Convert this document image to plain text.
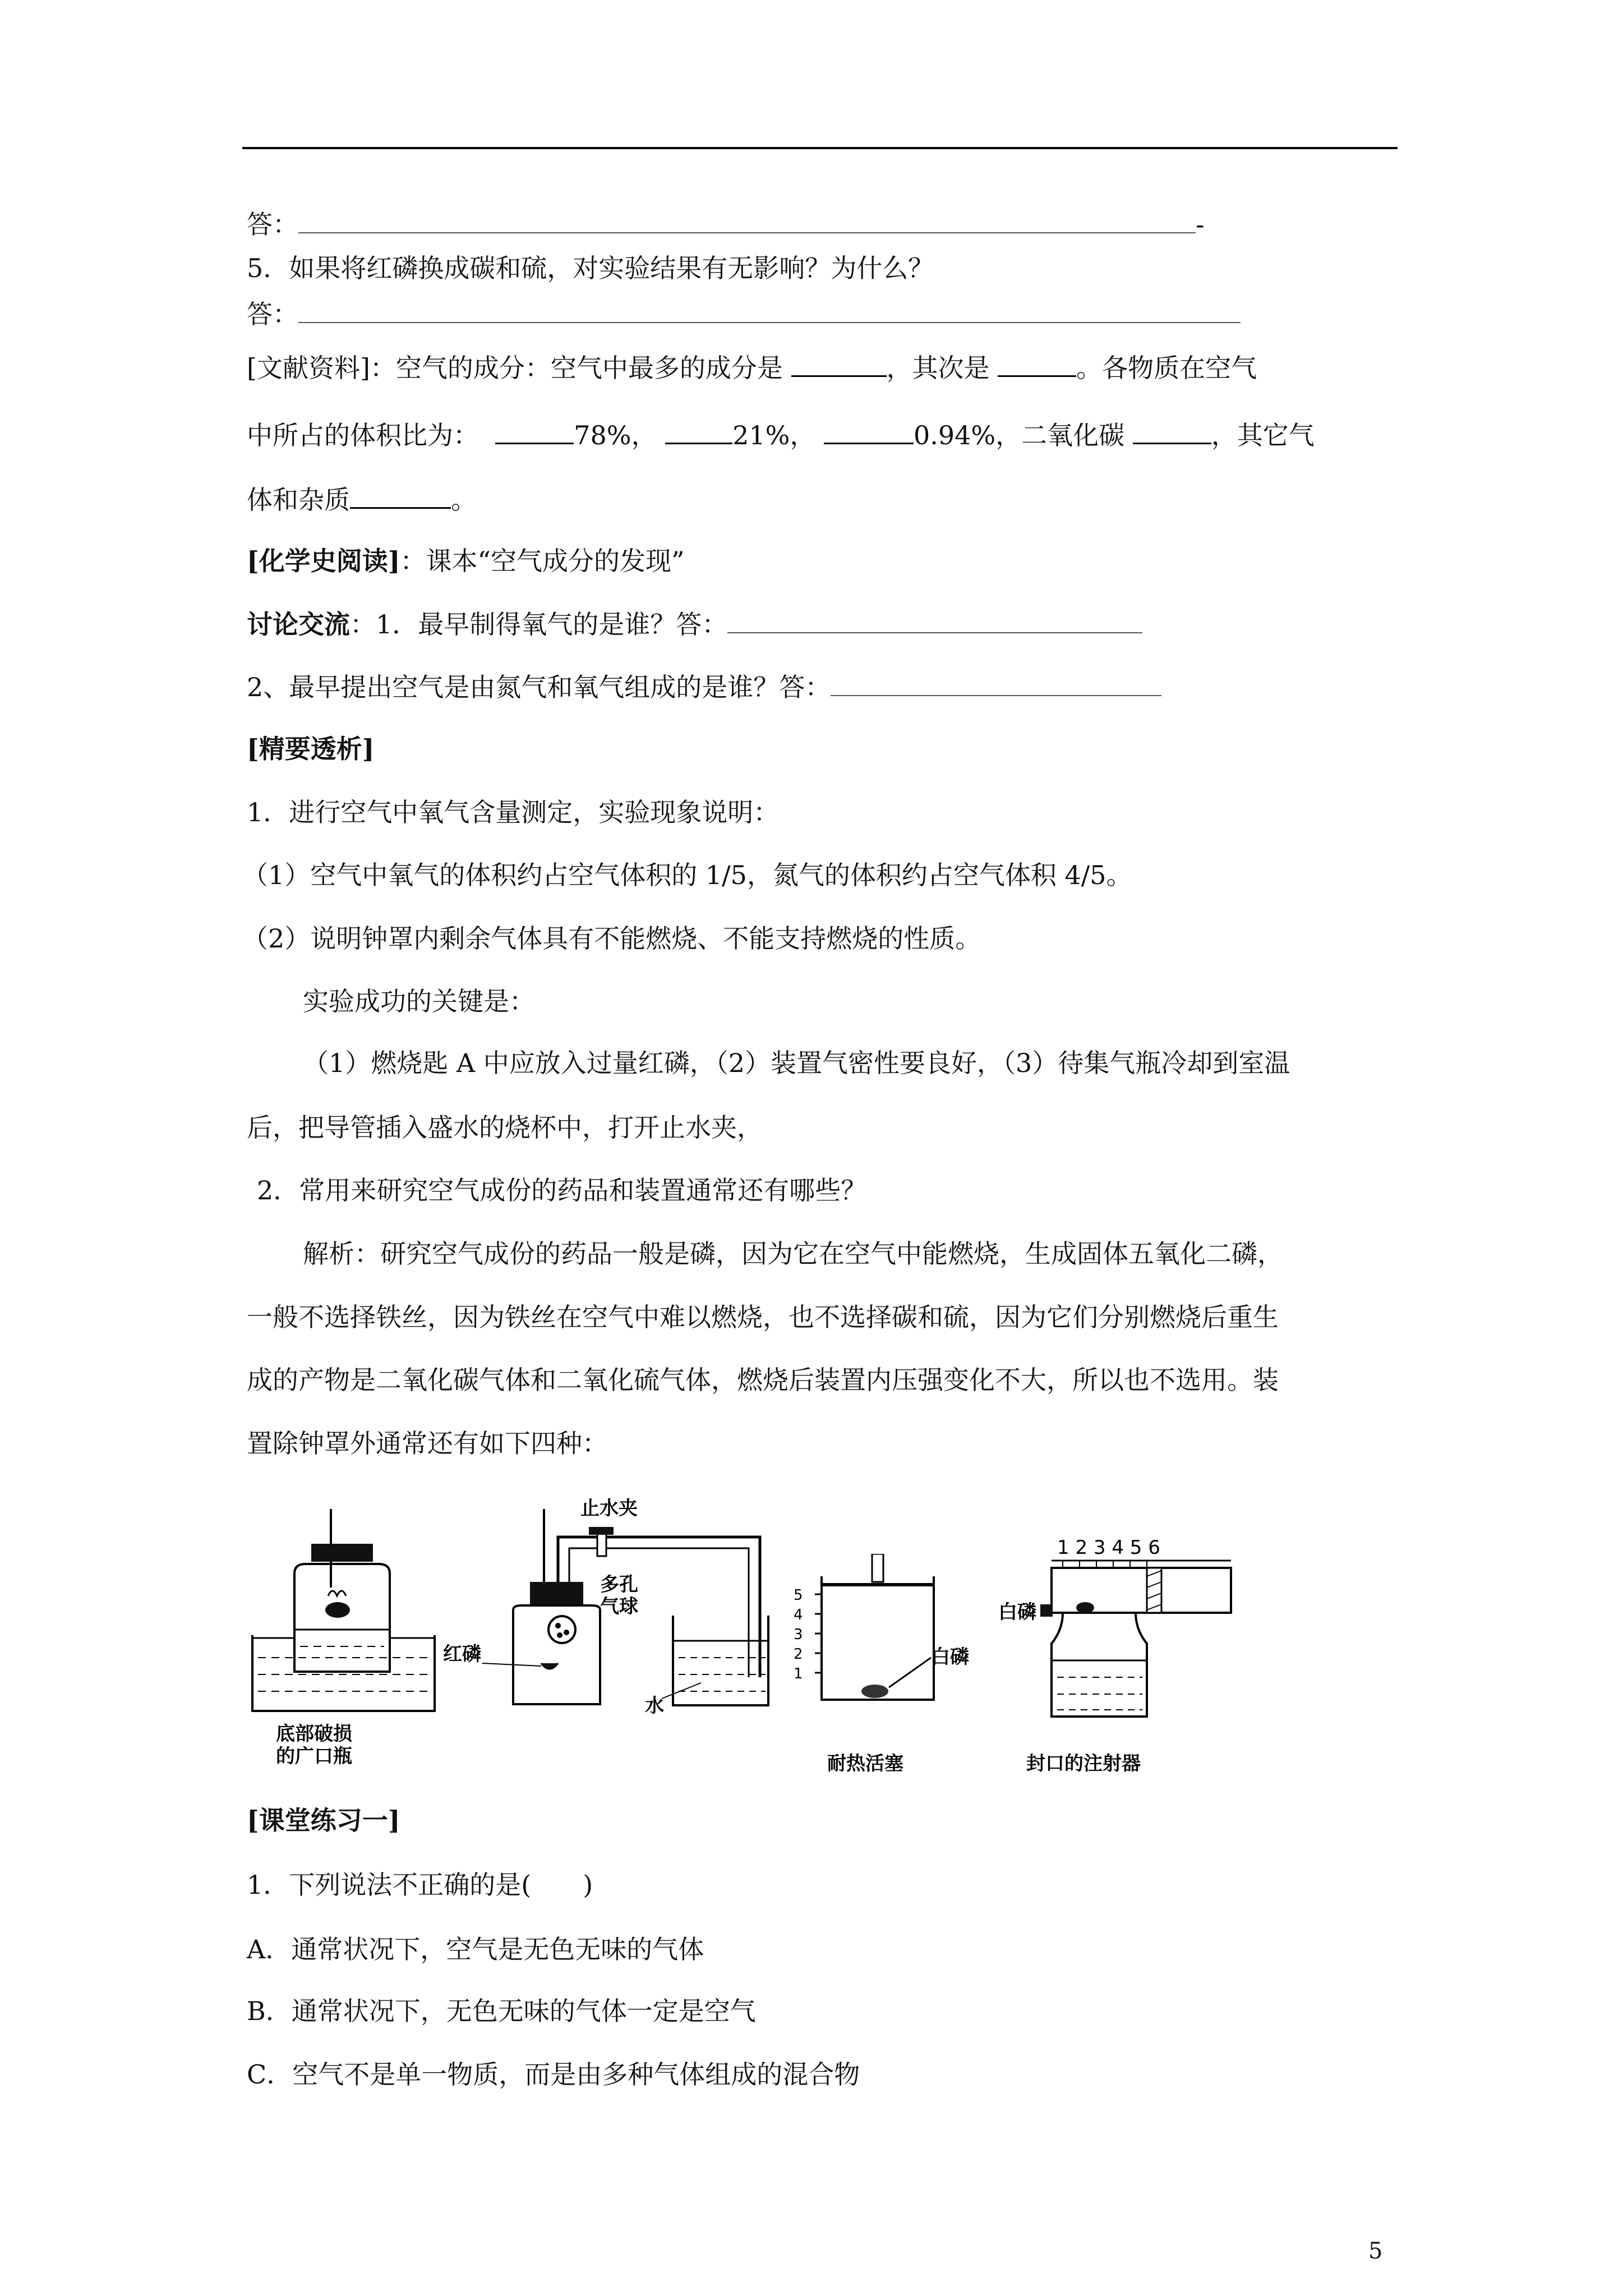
答：	-
5．如果将红磷换成碳和硫，对实验结果有无影响？为什么？
答：
[文献资料]：空气的成分：空气中最多的成分是	，其次是	。各物质在空气
中所占的体积比为：	78%，	21%，	0.94%，二氧化碳	，其它气
体和杂质	。
[化学史阅读]：课本“空气成分的发现”
讨论交流：1．最早制得氧气的是谁？答：
2、最早提出空气是由氮气和氧气组成的是谁？答：
[精要透析]
1．进行空气中氧气含量测定，实验现象说明：
（1）空气中氧气的体积约占空气体积的 1/5，氮气的体积约占空气体积 4/5。
（2）说明钟罩内剩余气体具有不能燃烧、不能支持燃烧的性质。
实验成功的关键是：
（1）燃烧匙 A 中应放入过量红磷，（2）装置气密性要良好，（3）待集气瓶冷却到室温
后，把导管插入盛水的烧杯中，打开止水夹，
2．常用来研究空气成份的药品和装置通常还有哪些？
解析：研究空气成份的药品一般是磷，因为它在空气中能燃烧，生成固体五氧化二磷，
一般不选择铁丝，因为铁丝在空气中难以燃烧，也不选择碳和硫，因为它们分别燃烧后重生
成的产物是二氧化碳气体和二氧化硫气体，燃烧后装置内压强变化不大，所以也不选用。装
置除钟罩外通常还有如下四种：
底部破损
的广口瓶
止水夹
红磷
多孔
气球
水
5
4
3
2
1
白磷
耐热活塞
1 2 3 4 5 6
白磷
封口的注射器
[课堂练习一]
1．下列说法不正确的是(　　)
A．通常状况下，空气是无色无味的气体
B．通常状况下，无色无味的气体一定是空气
C．空气不是单一物质，而是由多种气体组成的混合物
5
